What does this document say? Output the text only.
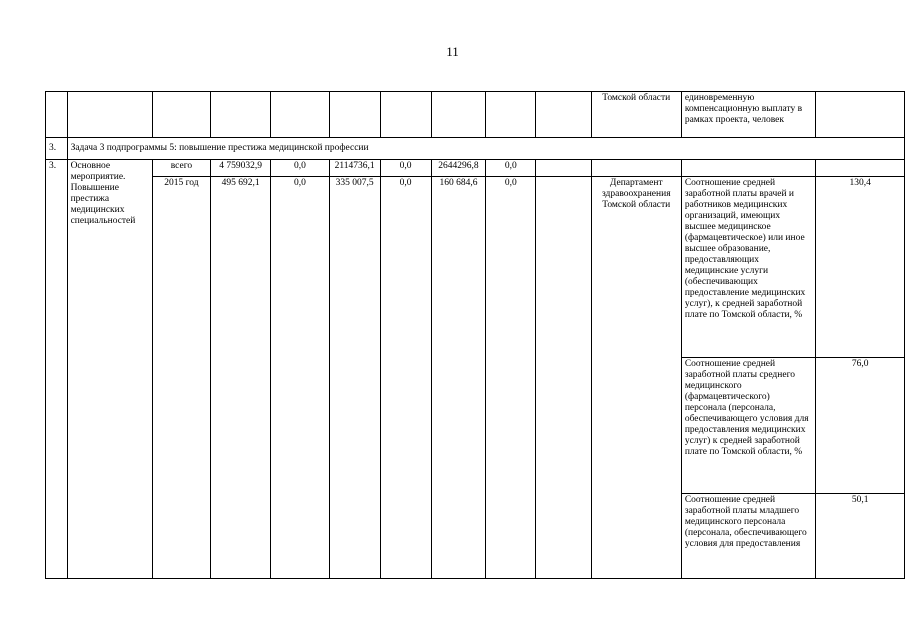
11
										Томской области	единовременную компенсационную выплату в рамках проекта, человек	
3.	Задача 3 подпрограммы 5: повышение престижа медицинской профессии											
3.	Основное мероприятие. Повышение престижа медицинских специальностей	всего	4 759032,9	0,0	2114736,1	0,0	2644296,8	0,0				
		2015 год	495 692,1	0,0	335 007,5	0,0	160 684,6	0,0		Департамент здравоохранения Томской области	Соотношение средней заработной платы врачей и работников медицинских организаций, имеющих высшее медицинское (фармацевтическое) или иное высшее образование, предоставляющих медицинские услуги (обеспечивающих предоставление медицинских услуг), к средней заработной плате по Томской области, %	130,4
											Соотношение средней заработной платы среднего медицинского (фармацевтического) персонала (персонала, обеспечивающего условия для предоставления медицинских услуг) к средней заработной плате по Томской области, %	76,0
											Соотношение средней заработной платы младшего медицинского персонала (персонала, обеспечивающего условия для предоставления	50,1
